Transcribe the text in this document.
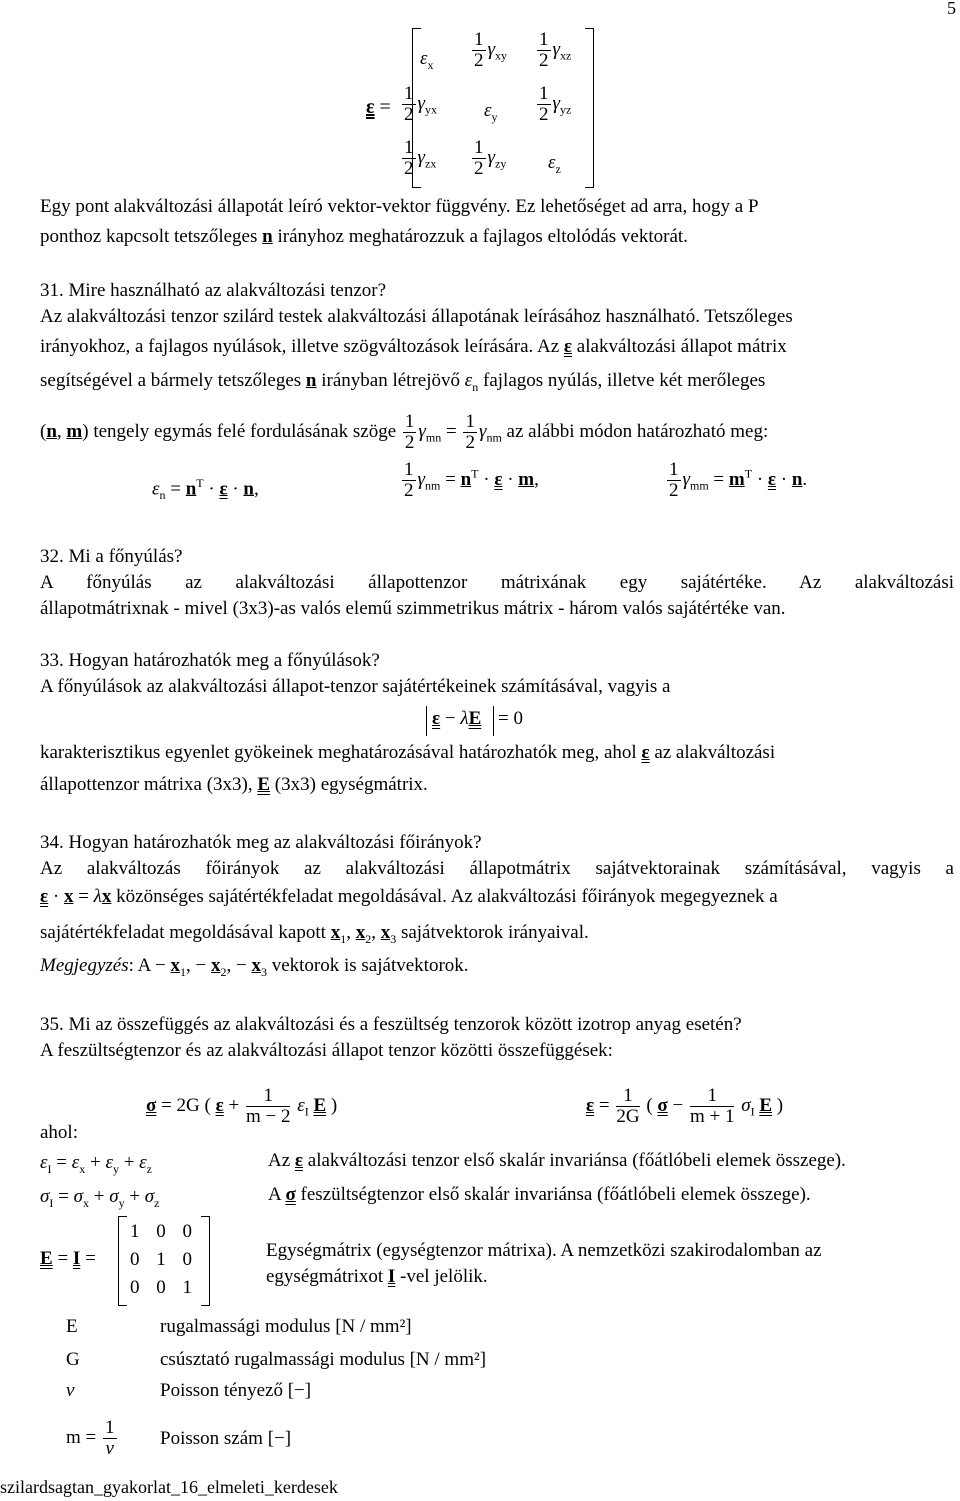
5
ε =
$\varepsilon_x \frac{1}{2} \gamma_{xy} \frac{1}{2} \gamma_{xz}$
$\frac{1}{2} \gamma_{yx}$ $\varepsilon_y \frac{1}{2} \gamma_{yz}$
$\frac{1}{2} \gamma_{zx} \frac{1}{2} \gamma_{zy}$ $\varepsilon_z$
Egy pont alakváltozási állapotát leíró vektor-vektor függvény. Ez lehetőséget ad arra, hogy a P
ponthoz kapcsolt tetszőleges n irányhoz meghatározzuk a fajlagos eltolódás vektorát.
31. Mire használható az alakváltozási tenzor?
Az alakváltozási tenzor szilárd testek alakváltozási állapotának leírásához használható. Tetszőleges
irányokhoz, a fajlagos nyúlások, illetve szögváltozások leírására. Az ε alakváltozási állapot mátrix
segítségével a bármely tetszőleges n irányban létrejövő $\varepsilon_n$ fajlagos nyúlás, illetve két merőleges
(n, m) tengely egymás felé fordulásának szöge $\frac{1}{2} \gamma_{mn} = \frac{1}{2} \gamma_{nm}$ az alábbi módon határozható meg:
$\varepsilon_n = n^T \cdot \varepsilon \cdot n$,	$\frac{1}{2} \gamma_{nm} = n^T \cdot \varepsilon \cdot m$,	$\frac{1}{2} \gamma_{mm} = m^T \cdot \varepsilon \cdot n$.
32. Mi a főnyúlás?
A főnyúlás az alakváltozási állapottenzor mátrixának egy sajátértéke. Az alakváltozási
állapotmátrixnak - mivel (3x3)-as valós elemű szimmetrikus mátrix - három valós sajátértéke van.
33. Hogyan határozhatók meg a főnyúlások?
A főnyúlások az alakváltozási állapot-tenzor sajátértékeinek számításával, vagyis a
ε − λE = 0
karakterisztikus egyenlet gyökeinek meghatározásával határozhatók meg, ahol ε az alakváltozási
állapottenzor mátrixa (3x3), E (3x3) egységmátrix.
34. Hogyan határozhatók meg az alakváltozási főirányok?
Az alakváltozás főirányok az alakváltozási állapotmátrix sajátvektorainak számításával, vagyis a
ε · x = λx közönséges sajátértékfeladat megoldásával. Az alakváltozási főirányok megegyeznek a
sajátértékfeladat megoldásával kapott $x_1$, $x_2$, $x_3$ sajátvektorok irányaival.
Megjegyzés: $A - x_1$, − $x_2$, − $x_3$ vektorok is sajátvektorok.
35. Mi az összefüggés az alakváltozási és a feszültség tenzorok között izotrop anyag esetén?
A feszültségtenzor és az alakváltozási állapot tenzor közötti összefüggések:
σ = 2G ( $\varepsilon + \frac{1}{m - 2} \varepsilon_I$ E )	$\varepsilon = \frac{1}{2G}$ ( $\sigma - \frac{1}{m + 1} \sigma_I$ E )
ahol:
$\varepsilon_I = \varepsilon_x + \varepsilon_y + \varepsilon_z$	Az ε alakváltozási tenzor első skalár invariánsa (főátlóbeli elemek összege).
$\sigma_I = \sigma_x + \sigma_y + \sigma_z$	A σ feszültségtenzor első skalár invariánsa (főátlóbeli elemek összege).
E = I =
1 0 0
0 1 0
0 0 1
Egységmátrix (egységtenzor mátrixa). A nemzetközi szakirodalomban az
egységmátrixot I -vel jelölik.
E	rugalmassági modulus [N / mm²]
G	csúsztató rugalmassági modulus [N / mm²]
ν	Poisson tényező [−]
$m = \frac{1}{\nu}$ Poisson szám [−]
szilardsagtan_gyakorlat_16_elmeleti_kerdesek
